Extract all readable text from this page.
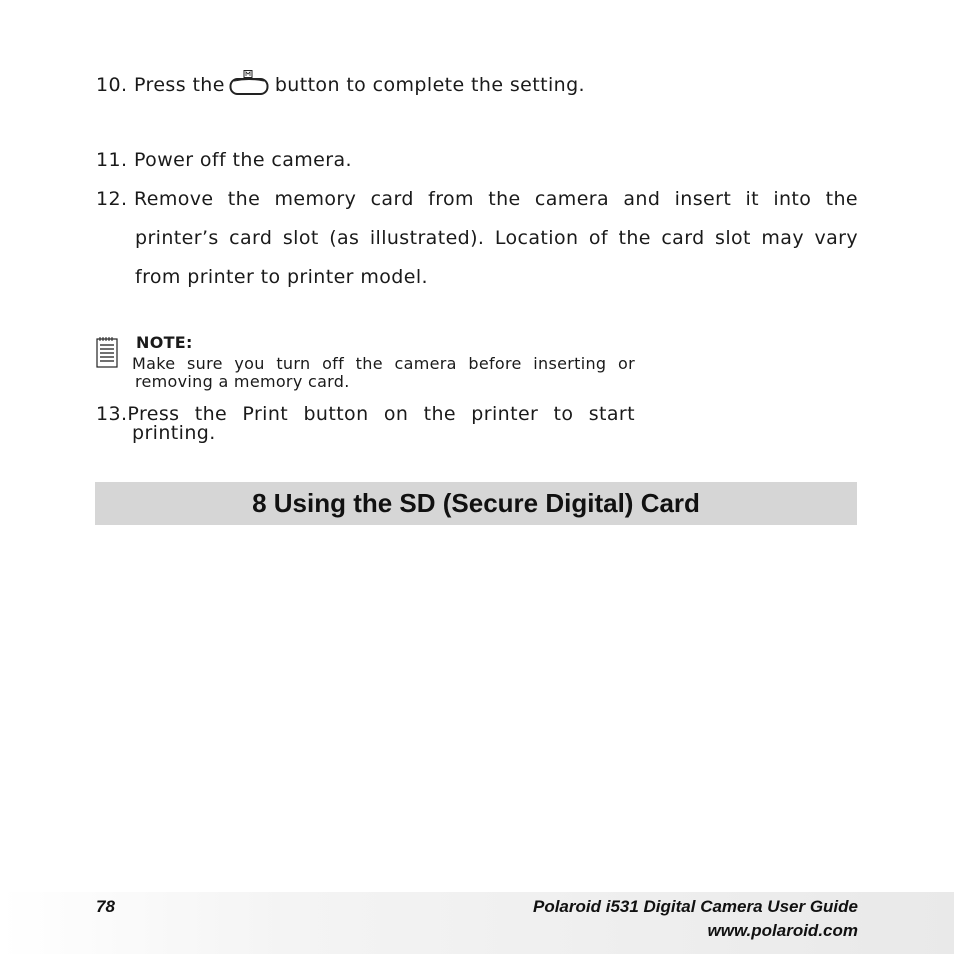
10. Press the	button to complete the setting.
11. Power off the camera.
12. Remove the memory card from the camera and insert it into the
printer’s card slot (as illustrated). Location of the card slot may vary
from printer to printer model.
NOTE:
Make sure you turn off the camera before inserting or
removing a memory card.
13.Press the Print button on the printer to start
printing.
8 Using the SD (Secure Digital) Card
78	Polaroid i531 Digital Camera User Guide
www.polaroid.com
